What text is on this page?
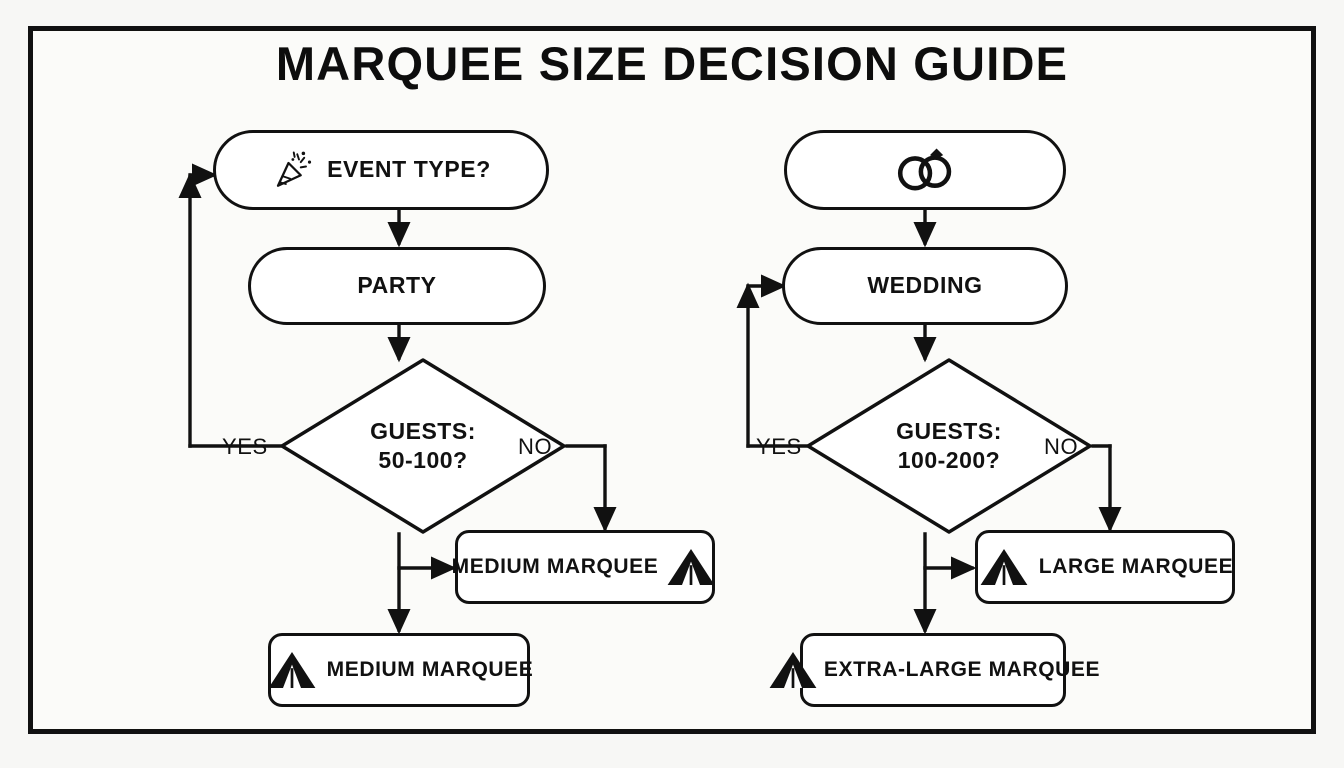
MARQUEE SIZE DECISION GUIDE
EVENT TYPE?
PARTY
GUESTS:
50-100?
YES	NO
MEDIUM MARQUEE
MEDIUM MARQUEE
WEDDING
GUESTS:
100-200?
YES	NO
LARGE MARQUEE
EXTRA-LARGE MARQUEE
